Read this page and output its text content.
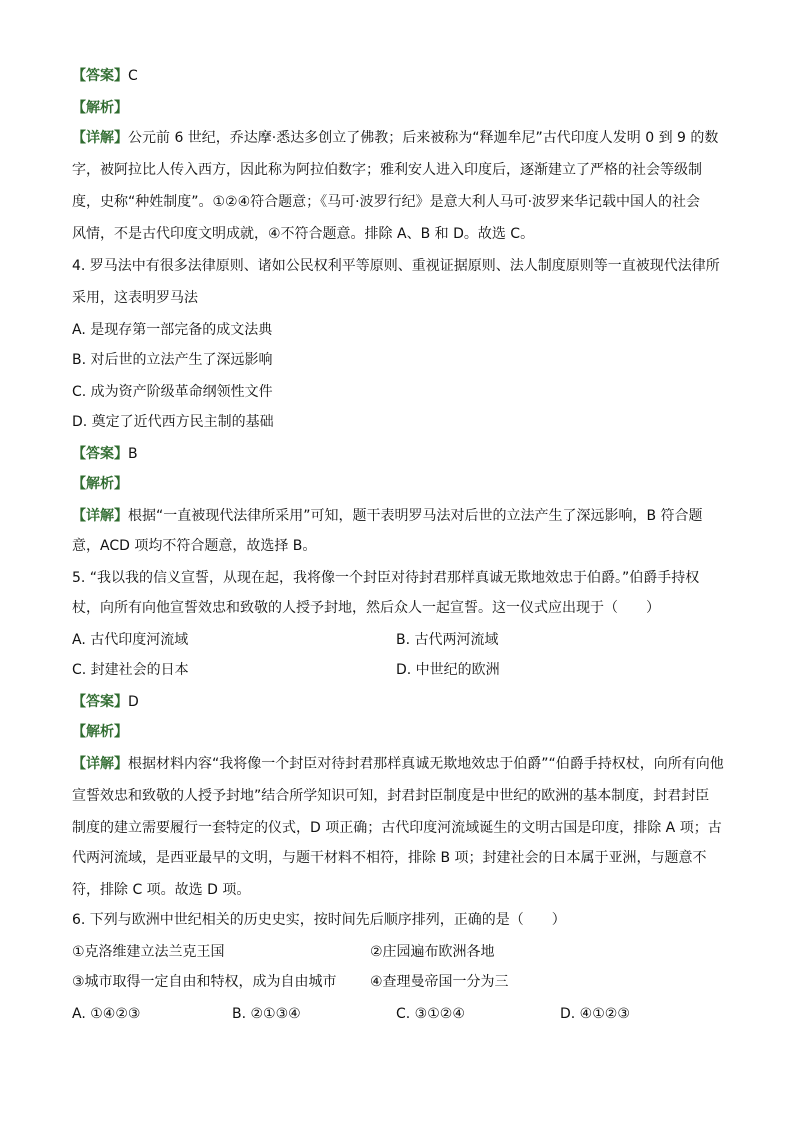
【答案】C
【解析】
【详解】公元前 6 世纪，乔达摩·悉达多创立了佛教；后来被称为“释迦牟尼”古代印度人发明 0 到 9 的数
字，被阿拉比人传入西方，因此称为阿拉伯数字；雅利安人进入印度后，逐渐建立了严格的社会等级制
度，史称“种姓制度”。①②④符合题意；《马可·波罗行纪》是意大利人马可·波罗来华记载中国人的社会
风情，不是古代印度文明成就，④不符合题意。排除 A、B 和 D。故选 C。
4. 罗马法中有很多法律原则、诸如公民权利平等原则、重视证据原则、法人制度原则等一直被现代法律所
采用，这表明罗马法
A. 是现存第一部完备的成文法典
B. 对后世的立法产生了深远影响
C. 成为资产阶级革命纲领性文件
D. 奠定了近代西方民主制的基础
【答案】B
【解析】
【详解】根据“一直被现代法律所采用”可知，题干表明罗马法对后世的立法产生了深远影响，B 符合题
意，ACD 项均不符合题意，故选择 B。
5. “我以我的信义宣誓，从现在起，我将像一个封臣对待封君那样真诚无欺地效忠于伯爵。”伯爵手持权
杖，向所有向他宣誓效忠和致敬的人授予封地，然后众人一起宣誓。这一仪式应出现于（　　）
A. 古代印度河流域	B. 古代两河流域
C. 封建社会的日本	D. 中世纪的欧洲
【答案】D
【解析】
【详解】根据材料内容“我将像一个封臣对待封君那样真诚无欺地效忠于伯爵”“伯爵手持权杖，向所有向他
宣誓效忠和致敬的人授予封地”结合所学知识可知，封君封臣制度是中世纪的欧洲的基本制度，封君封臣
制度的建立需要履行一套特定的仪式，D 项正确；古代印度河流域诞生的文明古国是印度，排除 A 项；古
代两河流域，是西亚最早的文明，与题干材料不相符，排除 B 项；封建社会的日本属于亚洲，与题意不
符，排除 C 项。故选 D 项。
6. 下列与欧洲中世纪相关的历史史实，按时间先后顺序排列，正确的是（　　）
①克洛维建立法兰克王国	②庄园遍布欧洲各地
③城市取得一定自由和特权，成为自由城市 ④查理曼帝国一分为三
A. ①④②③	B. ②①③④	C. ③①②④	D. ④①②③
